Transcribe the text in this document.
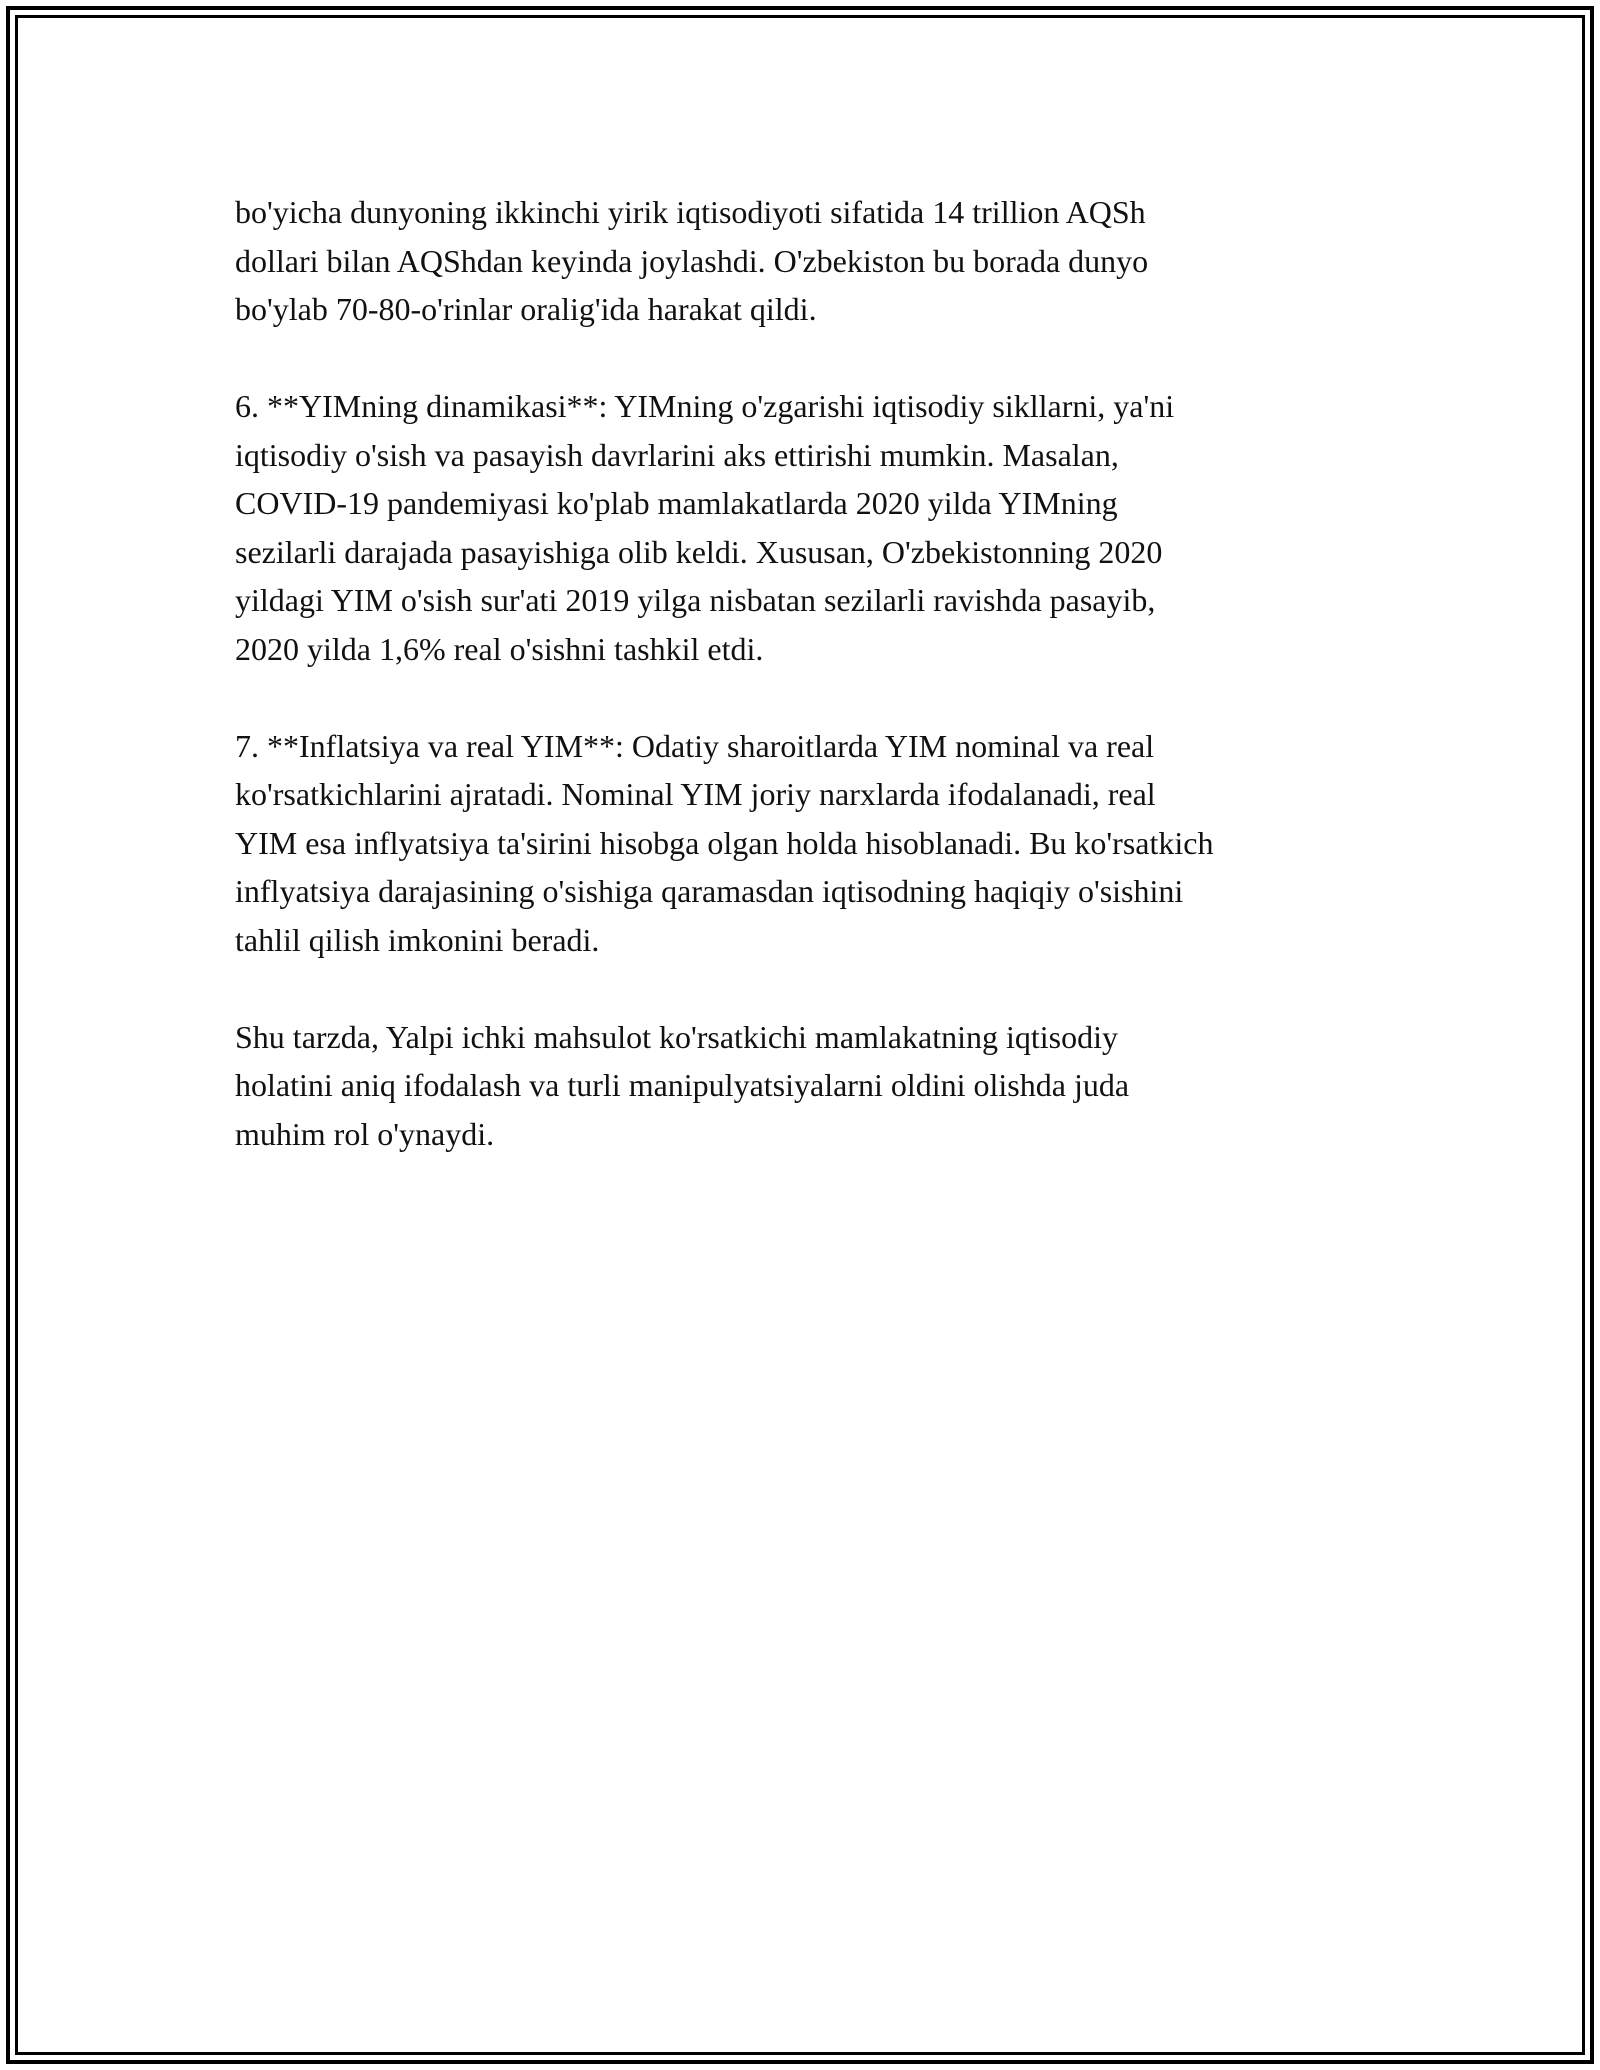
bo'yicha dunyoning ikkinchi yirik iqtisodiyoti sifatida 14 trillion AQSh
dollari bilan AQShdan keyinda joylashdi. O'zbekiston bu borada dunyo
bo'ylab 70-80-o'rinlar oralig'ida harakat qildi.

6. **YIMning dinamikasi**: YIMning o'zgarishi iqtisodiy sikllarni, ya'ni
iqtisodiy o'sish va pasayish davrlarini aks ettirishi mumkin. Masalan,
COVID-19 pandemiyasi ko'plab mamlakatlarda 2020 yilda YIMning
sezilarli darajada pasayishiga olib keldi. Xususan, O'zbekistonning 2020
yildagi YIM o'sish sur'ati 2019 yilga nisbatan sezilarli ravishda pasayib,
2020 yilda 1,6% real o'sishni tashkil etdi.

7. **Inflatsiya va real YIM**: Odatiy sharoitlarda YIM nominal va real
ko'rsatkichlarini ajratadi. Nominal YIM joriy narxlarda ifodalanadi, real
YIM esa inflyatsiya ta'sirini hisobga olgan holda hisoblanadi. Bu ko'rsatkich
inflyatsiya darajasining o'sishiga qaramasdan iqtisodning haqiqiy o'sishini
tahlil qilish imkonini beradi.

Shu tarzda, Yalpi ichki mahsulot ko'rsatkichi mamlakatning iqtisodiy
holatini aniq ifodalash va turli manipulyatsiyalarni oldini olishda juda
muhim rol o'ynaydi.
